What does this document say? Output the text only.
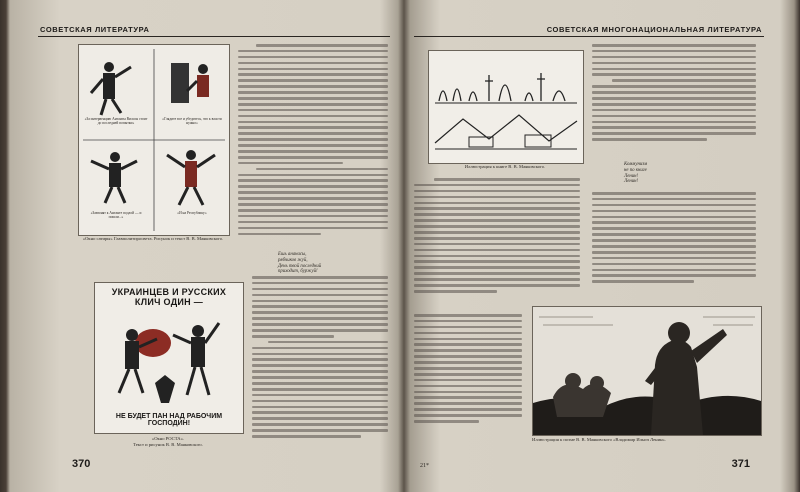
СОВЕТСКАЯ ЛИТЕРАТУРА
«За интервенцию Антанты Вилсон стоит до последней попытки»
«Глядите все и убедитесь, что к власти нужно»
«Зазвонят к Антанте подлой — и пошли...»
«И на Республику»
«Окно сатиры» Главполитпросвета. Рисунок и текст В. В. Маяковского.
Ешь ананасы,
рябчиков жуй,
День твой последний
приходит, буржуй!
УКРАИНЦЕВ И РУССКИХ КЛИЧ ОДИН —
НЕ БУДЕТ ПАН НАД РАБОЧИМ ГОСПОДИН!
«Окно РОСТА».
Текст и рисунок В. В. Маяковского.
370
СОВЕТСКАЯ МНОГОНАЦИОНАЛЬНАЯ ЛИТЕРАТУРА
Иллюстрация к книге В. В. Маяковского.	Коммунизм
не по книге
Ленин!
Ленин!
Иллюстрация к поэме В. В. Маяковского «Владимир Ильич Ленин».
21*	371
